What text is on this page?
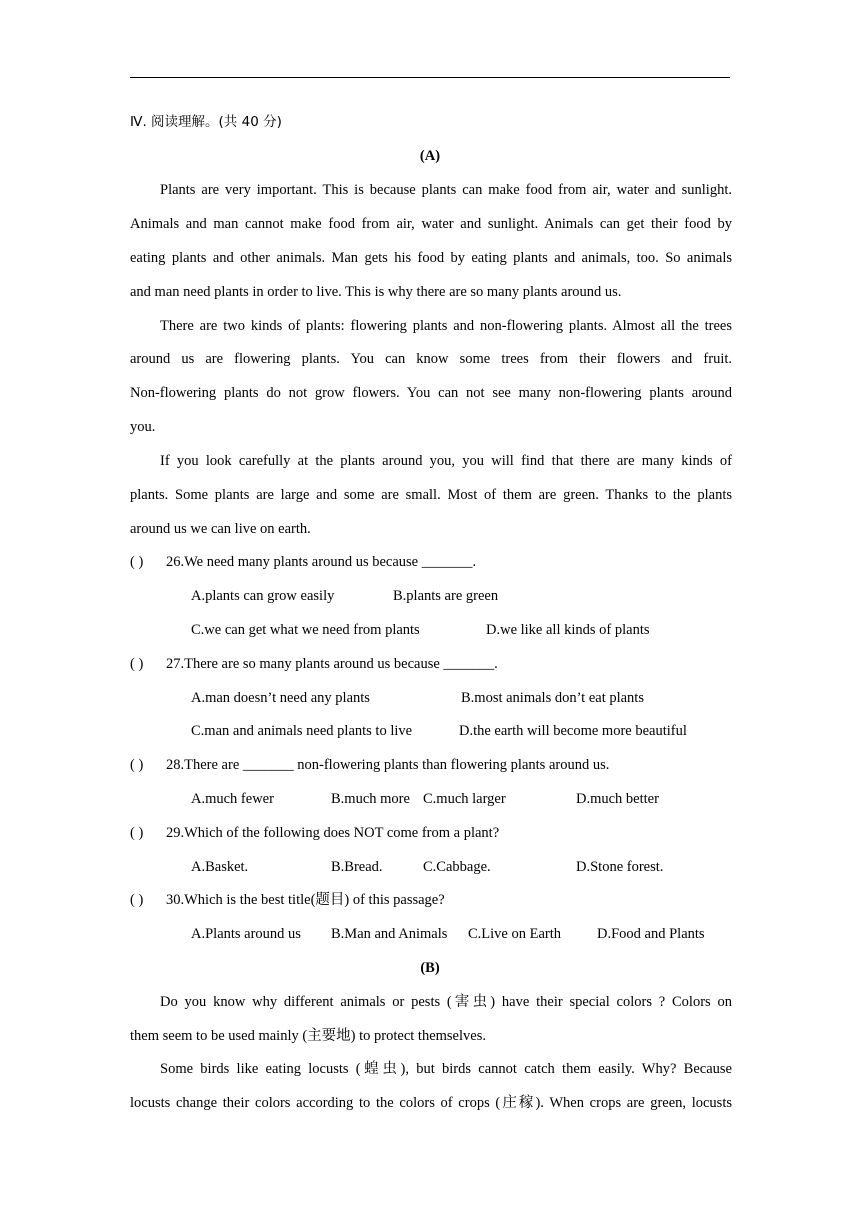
Ⅳ. 阅读理解。(共 40 分)
(A)
Plants are very important. This is because plants can make food from air, water and sunlight.
Animals and man cannot make food from air, water and sunlight. Animals can get their food by
eating plants and other animals. Man gets his food by eating plants and animals, too. So animals
and man need plants in order to live. This is why there are so many plants around us.
There are two kinds of plants: flowering plants and non-flowering plants. Almost all the trees
around us are flowering plants. You can know some trees from their flowers and fruit.
Non-flowering plants do not grow flowers. You can not see many non-flowering plants around
you.
If you look carefully at the plants around you, you will find that there are many kinds of
plants. Some plants are large and some are small. Most of them are green. Thanks to the plants
around us we can live on earth.
( ) 26.We need many plants around us because _______.
A.plants can grow easily	B.plants are green
C.we can get what we need from plants	D.we like all kinds of plants
( ) 27.There are so many plants around us because _______.
A.man doesn’t need any plants	B.most animals don’t eat plants
C.man and animals need plants to live	D.the earth will become more beautiful
( ) 28.There are _______ non-flowering plants than flowering plants around us.
A.much fewer	B.much more C.much larger	D.much better
( ) 29.Which of the following does NOT come from a plant?
A.Basket.	B.Bread.	C.Cabbage.	D.Stone forest.
( ) 30.Which is the best title(题目) of this passage?
A.Plants around us B.Man and Animals C.Live on Earth D.Food and Plants
(B)
Do you know why different animals or pests (害虫) have their special colors ? Colors on
them seem to be used mainly (主要地) to protect themselves.
Some birds like eating locusts (蝗虫), but birds cannot catch them easily. Why? Because
locusts change their colors according to the colors of crops (庄稼). When crops are green, locusts
